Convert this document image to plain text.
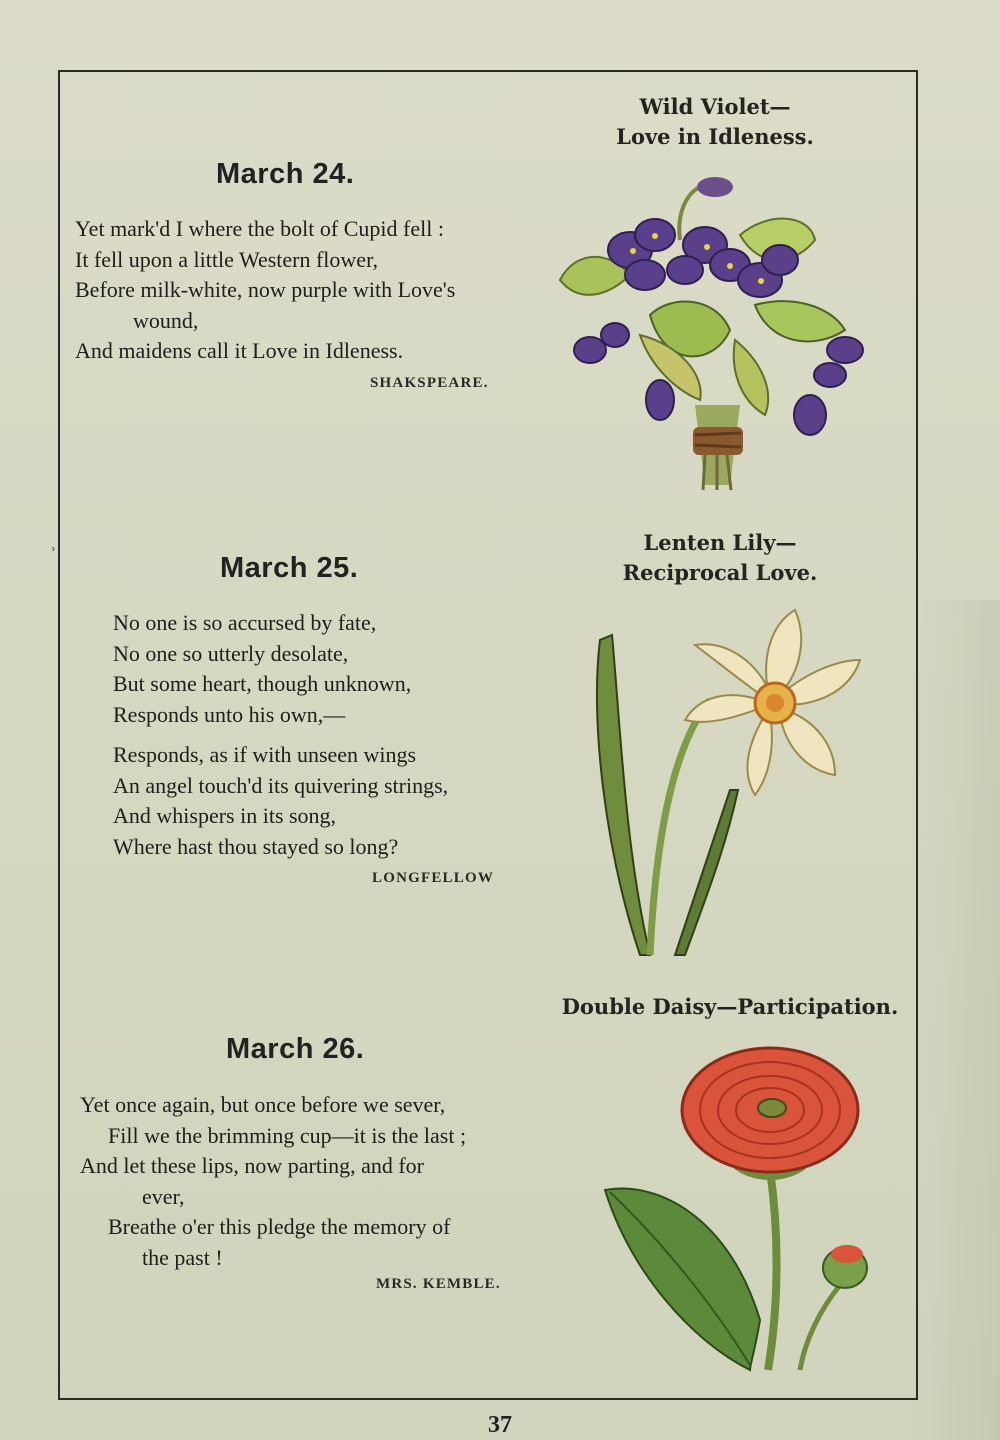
˒
March 24.
Wild Violet—
Love in Idleness.
Yet mark'd I where the bolt of Cupid fell :
It fell upon a little Western flower,
Before milk-white, now purple with Love's
wound,
And maidens call it Love in Idleness.
SHAKSPEARE.
March 25.
Lenten Lily—
Reciprocal Love.
No one is so accursed by fate,
No one so utterly desolate,
But some heart, though unknown,
Responds unto his own,—
Responds, as if with unseen wings
An angel touch'd its quivering strings,
And whispers in its song,
Where hast thou stayed so long?
LONGFELLOW
Double Daisy—Participation.
March 26.
Yet once again, but once before we sever,
Fill we the brimming cup—it is the last ;
And let these lips, now parting, and for
ever,
Breathe o'er this pledge the memory of
the past !
MRS. KEMBLE.
37
